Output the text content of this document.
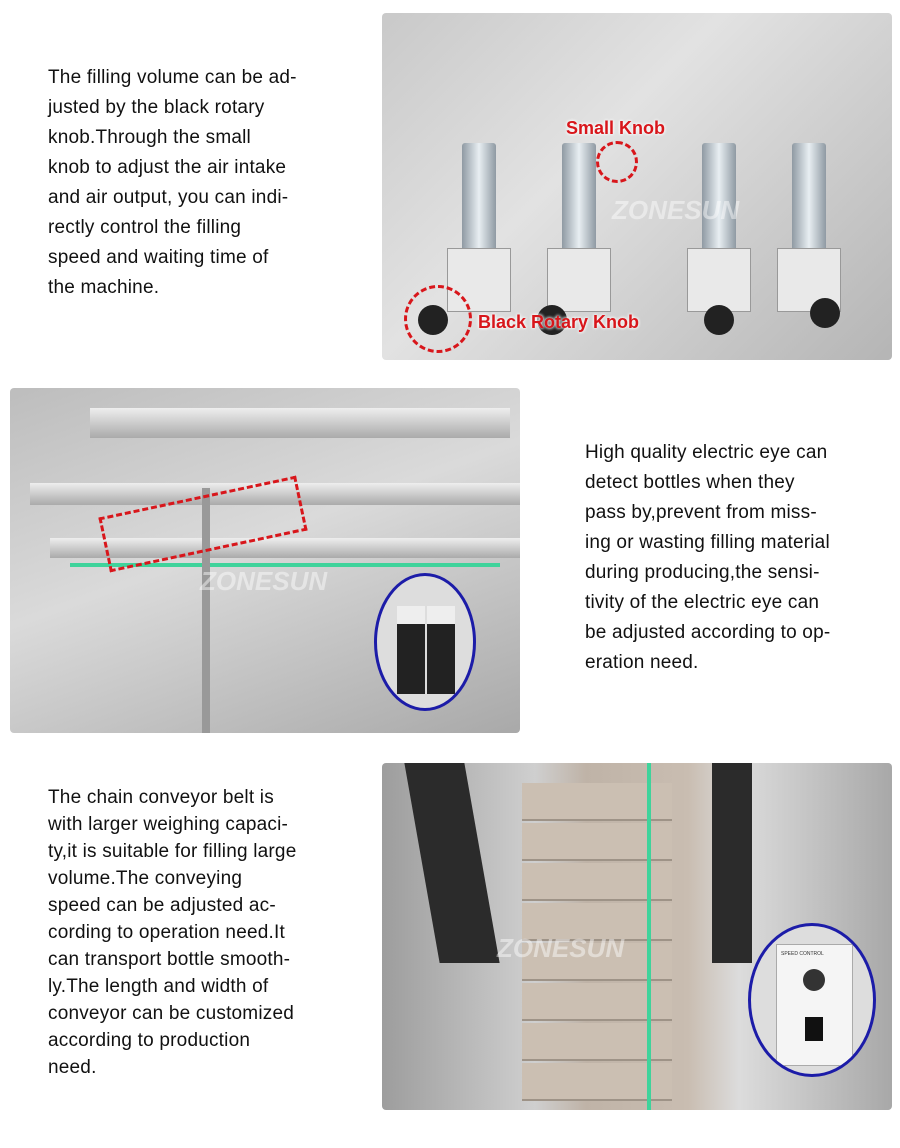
The filling volume can be ad-
justed by the black rotary
knob.Through the small
knob to adjust the air intake
and air output, you can indi-
rectly control the filling
speed and waiting time of
the machine.
Small Knob
Black Rotary Knob
ZONESUN
ZONESUN
High quality electric eye can
detect bottles when they
pass by,prevent from miss-
ing or wasting filling material
during producing,the sensi-
tivity of the electric eye can
be adjusted according to op-
eration need.
The chain conveyor belt is
with larger weighing capaci-
ty,it is suitable for filling large
volume.The conveying
speed can be adjusted ac-
cording to operation need.It
can transport bottle smooth-
ly.The length and width of
conveyor can be customized
according to production
need.
SPEED CONTROL
ZONESUN
